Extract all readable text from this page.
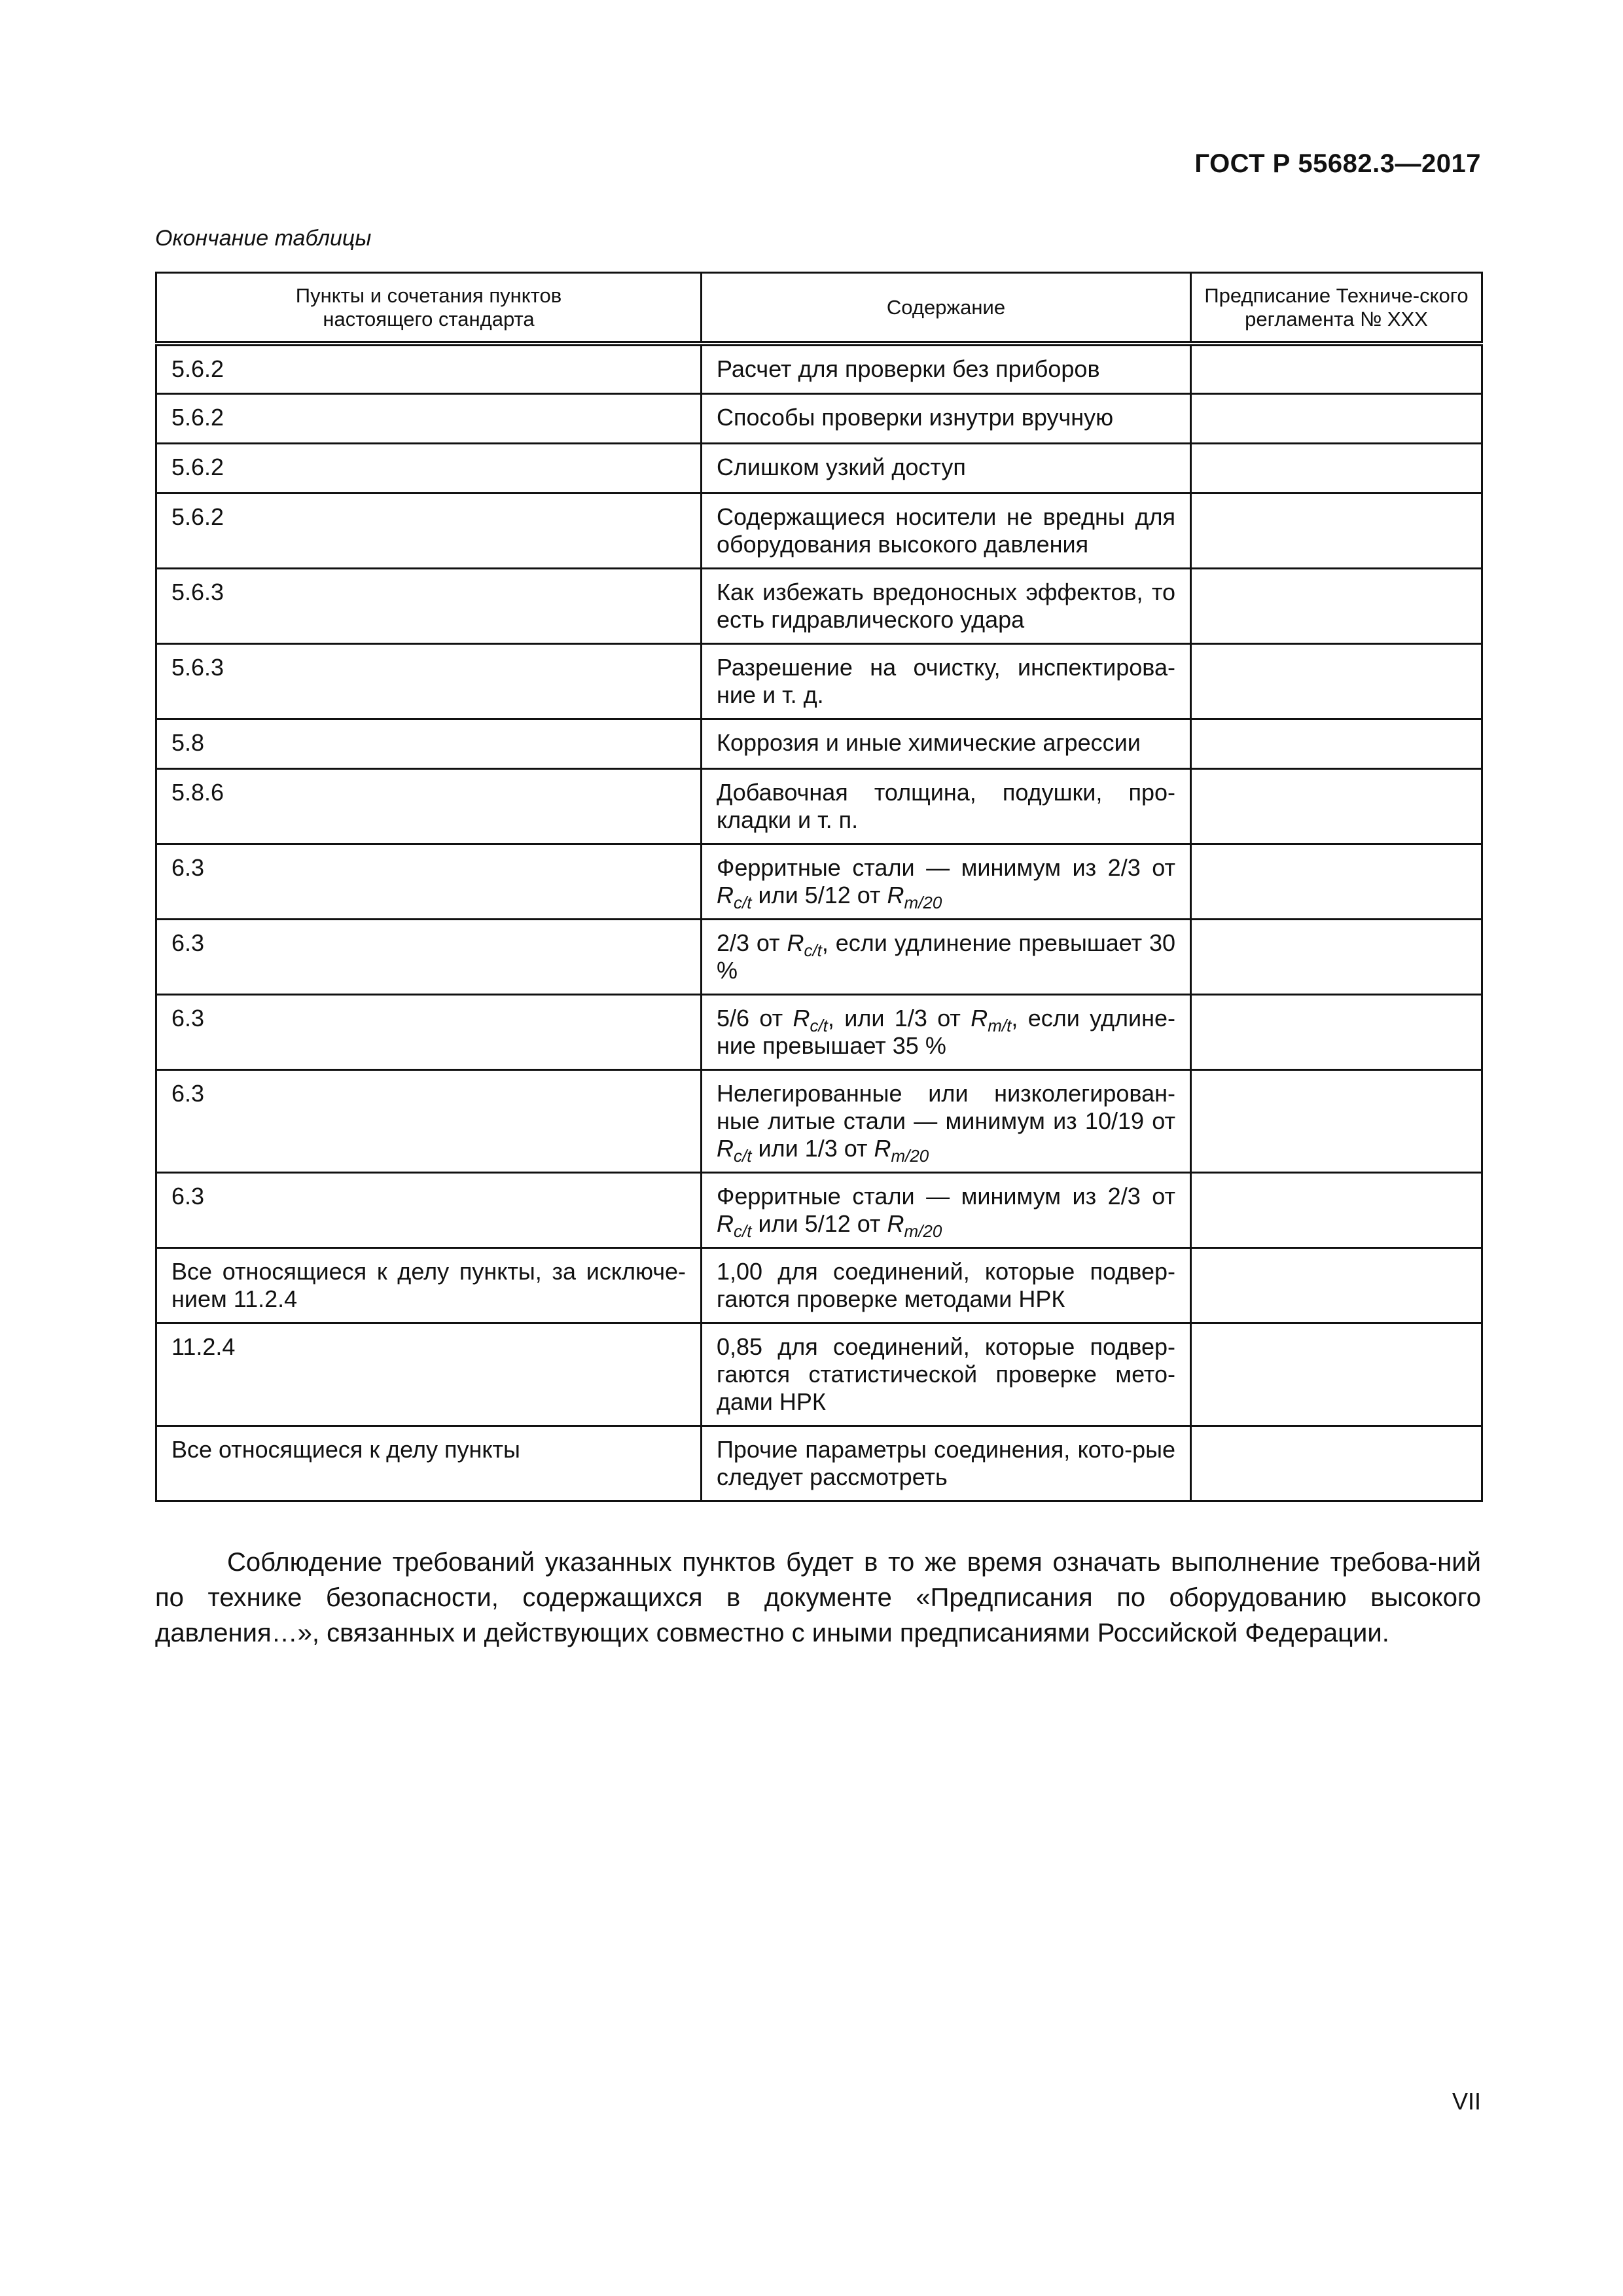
ГОСТ Р 55682.3—2017
Окончание таблицы
Пункты и сочетания пунктов настоящего стандарта	Содержание	Предписание Техниче-ского регламента № XXX
5.6.2	Расчет для проверки без приборов	
5.6.2	Способы проверки изнутри вручную	
5.6.2	Слишком узкий доступ	
5.6.2	Содержащиеся носители не вредны для оборудования высокого давления	
5.6.3	Как избежать вредоносных эффектов, то есть гидравлического удара	
5.6.3	Разрешение на очистку, инспектирова-ние и т. д.	
5.8	Коррозия и иные химические агрессии	
5.8.6	Добавочная толщина, подушки, про-кладки и т. п.	
6.3	Ферритные стали — минимум из 2/3 от $R_{c/t}$ или 5/12 от $R_{m/20}$	
6.3	2/3 от $R_{c/t}$, если удлинение превышает 30 %	
6.3	5/6 от $R_{c/t}$, или 1/3 от $R_{m/t}$, если удлине-ние превышает 35 %	
6.3	Нелегированные или низколегирован-ные литые стали — минимум из 10/19 от $R_{c/t}$ или 1/3 от $R_{m/20}$	
6.3	Ферритные стали — минимум из 2/3 от $R_{c/t}$ или 5/12 от $R_{m/20}$	
Все относящиеся к делу пункты, за исключе-нием 11.2.4	1,00 для соединений, которые подвер-гаются проверке методами НРК	
11.2.4	0,85 для соединений, которые подвер-гаются статистической проверке мето-дами НРК	
Все относящиеся к делу пункты	Прочие параметры соединения, кото-рые следует рассмотреть	

Соблюдение требований указанных пунктов будет в то же время означать выполнение требова-ний по технике безопасности, содержащихся в документе «Предписания по оборудованию высокого давления…», связанных и действующих совместно с иными предписаниями Российской Федерации.

VII
